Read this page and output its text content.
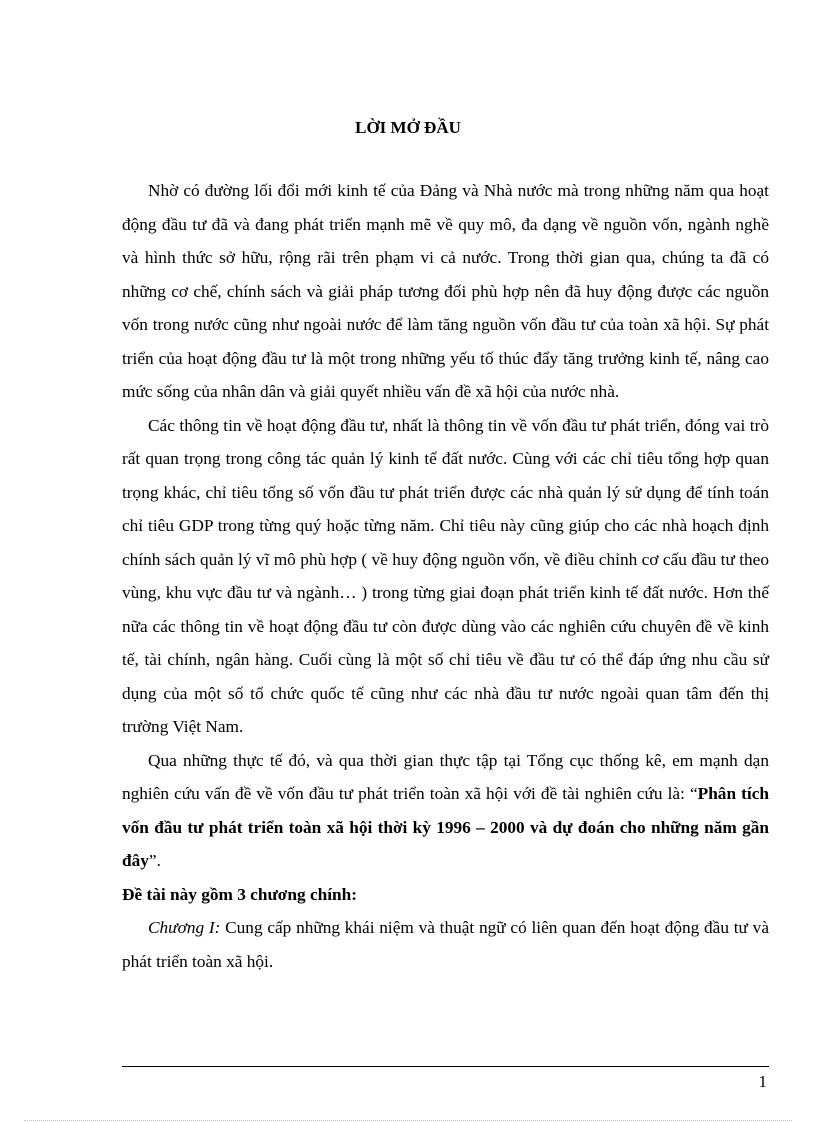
LỜI MỞ ĐẦU

Nhờ có đường lối đổi mới kinh tế của Đảng và Nhà nước mà trong những năm qua hoạt động đầu tư đã và đang phát triển mạnh mẽ về quy mô, đa dạng về nguồn vốn, ngành nghề và hình thức sở hữu, rộng rãi trên phạm vi cả nước. Trong thời gian qua, chúng ta đã có những cơ chế, chính sách và giải pháp tương đối phù hợp nên đã huy động được các nguồn vốn trong nước cũng như ngoài nước để làm tăng nguồn vốn đầu tư của toàn xã hội. Sự phát triển của hoạt động đầu tư là một trong những yếu tố thúc đẩy tăng trưởng kinh tế, nâng cao mức sống của nhân dân và giải quyết nhiều vấn đề xã hội của nước nhà.

Các thông tin về hoạt động đầu tư, nhất là thông tin về vốn đầu tư phát triển, đóng vai trò rất quan trọng trong công tác quản lý kinh tế đất nước. Cùng với các chỉ tiêu tổng hợp quan trọng khác, chỉ tiêu tổng số vốn đầu tư phát triển được các nhà quản lý sử dụng để tính toán chỉ tiêu GDP trong từng quý hoặc từng năm. Chỉ tiêu này cũng giúp cho các nhà hoạch định chính sách quản lý vĩ mô phù hợp ( về huy động nguồn vốn, về điều chỉnh cơ cấu đầu tư theo vùng, khu vực đầu tư và ngành… ) trong từng giai đoạn phát triển kinh tế đất nước. Hơn thế nữa các thông tin về hoạt động đầu tư còn được dùng vào các nghiên cứu chuyên đề về kinh tế, tài chính, ngân hàng. Cuối cùng là một số chỉ tiêu về đầu tư có thể đáp ứng nhu cầu sử dụng của một số tổ chức quốc tế cũng như các nhà đầu tư nước ngoài quan tâm đến thị trường Việt Nam.

Qua những thực tế đó, và qua thời gian thực tập tại Tổng cục thống kê, em mạnh dạn nghiên cứu vấn đề về vốn đầu tư phát triển toàn xã hội với đề tài nghiên cứu là: “Phân tích vốn đầu tư phát triển toàn xã hội thời kỳ 1996 – 2000 và dự đoán cho những năm gần đây”.

Đề tài này gồm 3 chương chính:

Chương I: Cung cấp những khái niệm và thuật ngữ có liên quan đến hoạt động đầu tư và phát triển toàn xã hội.

1
